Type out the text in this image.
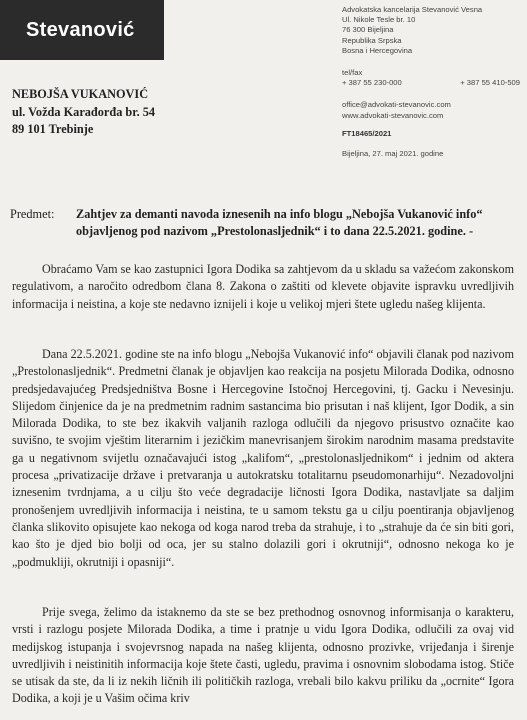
Stevanović
Advokatska kancelarija Stevanović Vesna
Ul. Nikole Tesle br. 10
76 300 Bijeljina
Republika Srpska
Bosna i Hercegovina
tel/fax
+ 387 55 230-000	+ 387 55 410-509
office@advokati-stevanovic.com
www.advokati-stevanovic.com
FT18465/2021
Bijeljina, 27. maj 2021. godine
NEBOJŠA VUKANOVIĆ
ul. Vožda Karađorđa br. 54
89 101 Trebinje
Predmet: Zahtjev za demanti navoda iznesenih na info blogu „Nebojša Vukanović info“ objavljenog pod nazivom „Prestolonasljednik“ i to dana 22.5.2021. godine. -

Obraćamo Vam se kao zastupnici Igora Dodika sa zahtjevom da u skladu sa važećom zakonskom regulativom, a naročito odredbom člana 8. Zakona o zaštiti od klevete objavite ispravku uvredljivih informacija i neistina, a koje ste nedavno iznijeli i koje u velikoj mjeri štete ugledu našeg klijenta.

Dana 22.5.2021. godine ste na info blogu „Nebojša Vukanović info“ objavili članak pod nazivom „Prestolonasljednik“. Predmetni članak je objavljen kao reakcija na posjetu Milorada Dodika, odnosno predsjedavajućeg Predsjedništva Bosne i Hercegovine Istočnoj Hercegovini, tj. Gacku i Nevesinju. Slijedom činjenice da je na predmetnim radnim sastancima bio prisutan i naš klijent, Igor Dodik, a sin Milorada Dodika, to ste bez ikakvih valjanih razloga odlučili da njegovo prisustvo označite kao suvišno, te svojim vještim literarnim i jezičkim manevrisanjem širokim narodnim masama predstavite ga u negativnom svijetlu označavajući istog „kalifom“, „prestolonasljednikom“ i jednim od aktera procesa „privatizacije države i pretvaranja u autokratsku totalitarnu pseudomonarhiju“. Nezadovoljni iznesenim tvrdnjama, a u cilju što veće degradacije ličnosti Igora Dodika, nastavljate sa daljim pronošenjem uvredljivih informacija i neistina, te u samom tekstu ga u cilju poentiranja objavljenog članka slikovito opisujete kao nekoga od koga narod treba da strahuje, i to „strahuje da će sin biti gori, kao što je djed bio bolji od oca, jer su stalno dolazili gori i okrutniji“, odnosno nekoga ko je „podmukliji, okrutniji i opasniji“.

Prije svega, želimo da istaknemo da ste se bez prethodnog osnovnog informisanja o karakteru, vrsti i razlogu posjete Milorada Dodika, a time i pratnje u vidu Igora Dodika, odlučili za ovaj vid medijskog istupanja i svojevrsnog napada na našeg klijenta, odnosno prozivke, vrijeđanja i širenje uvredljivih i neistinitih informacija koje štete časti, ugledu, pravima i osnovnim slobodama istog. Stiče se utisak da ste, da li iz nekih ličnih ili političkih razloga, vrebali bilo kakvu priliku da „ocrnite“ Igora Dodika, a koji je u Vašim očima kriv
